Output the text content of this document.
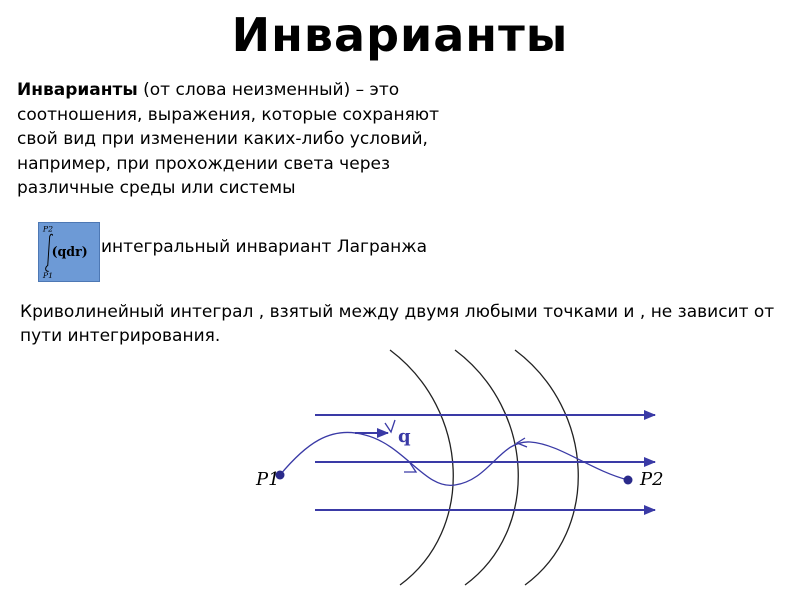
Инварианты
Инварианты (от слова неизменный) – это соотношения, выражения, которые сохраняют свой вид при изменении каких-либо условий, например, при прохождении света через различные среды или системы
P2
(qdr)
P1
интегральный инвариант Лагранжа
Криволинейный интеграл , взятый между двумя любыми точками и , не зависит от пути интегрирования.
q
P1	P2
